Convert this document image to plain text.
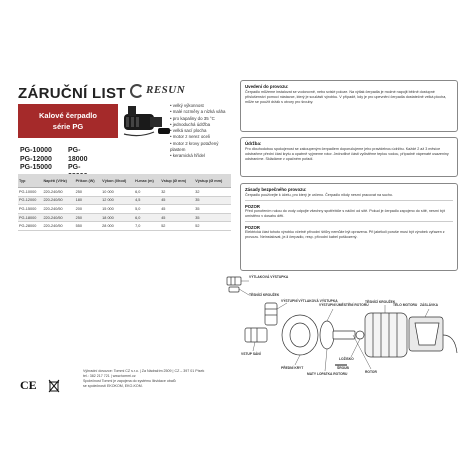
ZÁRUČNÍ LIST RESUN
Kalové čerpadlo
série PG
• velký výkonnost
• malé rozměry a nízká váha
• pro kapaliny do 35 °C
• jednoduchá údržba
• velká sací plocha
• motor z nerez oceli
• motor 2 krovy potažený plastem
• keramická hřídel
PG-10000
PG-12000
PG-15000
PG-18000
PG-
Typ	Napětí (V/Hz)	Příkon (W)	Výkon (l/hod)	H-max (m)	Vstup (Ø mm)	Výstup (Ø mm)
PG-10000	220-240/50	250	10 000	6,0	32	32
PG-12000	220-240/50	180	12 000	4,5	45	35
PG-15000	220-240/50	200	15 000	5,0	45	35
PG-18000	220-240/50	250	18 000	6,0	45	35
PG-28000	220-240/50	550	28 000	7,0	52	52
CE
Výhradní dovozce: Tommi CZ s.r.o. | Za Nádražím 2509 | CZ – 397 01 Písek
tel.: 382 217 721 | www.tommi.cz
Společnost Tommi je zapojena do systému likvidace obalů
se společností EKOKOM, EKO-KOM.
Uvedení do provozu:
Čerpadlo můžeme instalovat se vodorovně, nebo svislé poloze. Na výtlak čerpadla je možné napojit běžně dostupné příslušenství pomocí nástavce, který je součástí výrobku. V případě, kdy je pro upevnění čerpadla dostatečně velká plocha, může se použít držák s otvory pro šrouby.
Údržba:
Pro dlouhodobou spokojenost se zakoupeným čerpadlem doporučujeme jeho pravidelnou údržbu. Každé 2 až 3 měsíce odstraňme přední část krytu a opatrně vyjmeme rotor. Jednotlivé části vyčistěme teplou vodou, případně vápenaté usazeniny odstraníme. Skládáme v opačném pořadí.
Zásady bezpečného provozu:
Čerpadlo používejte k účelu, pro který je určeno. Čerpadlo nikdy nesmí pracovat na sucho.
POZOR
Před ponořením rukou do vody odpojte všechny spotřebiče s náčiní od sítě. Pokud je čerpadlo zapojeno do sítě, nesmí být umístěno v dosahu dětí.
POZOR
Elektrická část tohoto výrobku včetně přívodní šňůry nemůže být opravena. Při jakékoli poruše musí být výrobek vyřazen z provozu. Neinstalovat, je-li čerpadlo, resp. přívodní kabel poškozený.
VÝTLAKOVÁ VÝSTUPKA
TĚSNÍCÍ KROUŽEK
VÝSTUPNÍ VÝTLAKOVÁ VÝSTUPKA
VSTUP SÁNÍ
VÝSTUPNÍ ÚMĚSTĚNÍ ROTORU
TĚSNÍCÍ KROUŽEK
TĚLO MOTORU ZÁSLÁVKA
PŘEDNÍ KRYT
LOŽISKO
ROTOR
MATY LOPATKA ROTORU
ŠROUB
